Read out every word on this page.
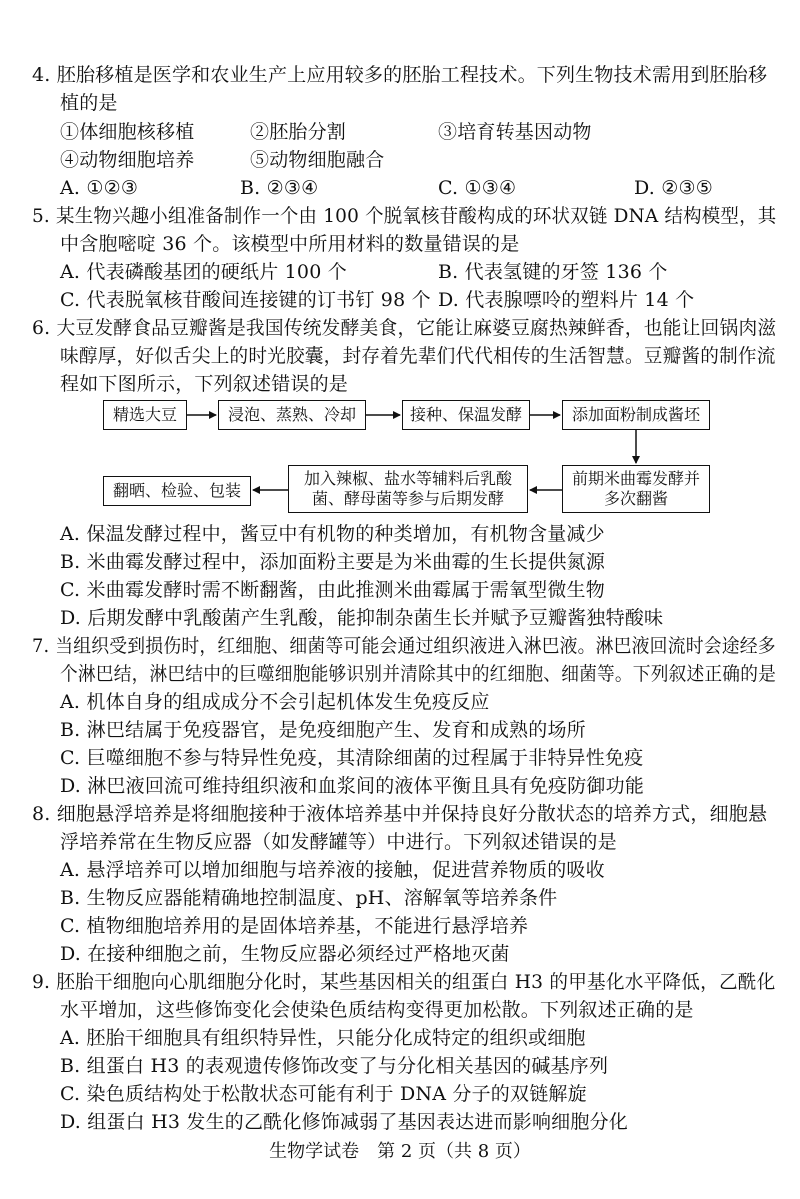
4. 胚胎移植是医学和农业生产上应用较多的胚胎工程技术。下列生物技术需用到胚胎移
植的是
①体细胞核移植	②胚胎分割	③培育转基因动物
④动物细胞培养	⑤动物细胞融合
A. ①②③	B. ②③④	C. ①③④	D. ②③⑤
5. 某生物兴趣小组准备制作一个由 100 个脱氧核苷酸构成的环状双链 DNA 结构模型，其
中含胞嘧啶 36 个。该模型中所用材料的数量错误的是
A. 代表磷酸基团的硬纸片 100 个	B. 代表氢键的牙签 136 个
C. 代表脱氧核苷酸间连接键的订书钉 98 个 D. 代表腺嘌呤的塑料片 14 个
6. 大豆发酵食品豆瓣酱是我国传统发酵美食，它能让麻婆豆腐热辣鲜香，也能让回锅肉滋
味醇厚，好似舌尖上的时光胶囊，封存着先辈们代代相传的生活智慧。豆瓣酱的制作流
程如下图所示，下列叙述错误的是
精选大豆	浸泡、蒸熟、冷却	接种、保温发酵	添加面粉制成酱坯
前期米曲霉发酵并
多次翻酱
加入辣椒、盐水等辅料后乳酸
菌、酵母菌等参与后期发酵
翻晒、检验、包装
A. 保温发酵过程中，酱豆中有机物的种类增加，有机物含量减少
B. 米曲霉发酵过程中，添加面粉主要是为米曲霉的生长提供氮源
C. 米曲霉发酵时需不断翻酱，由此推测米曲霉属于需氧型微生物
D. 后期发酵中乳酸菌产生乳酸，能抑制杂菌生长并赋予豆瓣酱独特酸味
7. 当组织受到损伤时，红细胞、细菌等可能会通过组织液进入淋巴液。淋巴液回流时会途经多
个淋巴结，淋巴结中的巨噬细胞能够识别并清除其中的红细胞、细菌等。下列叙述正确的是
A. 机体自身的组成成分不会引起机体发生免疫反应
B. 淋巴结属于免疫器官，是免疫细胞产生、发育和成熟的场所
C. 巨噬细胞不参与特异性免疫，其清除细菌的过程属于非特异性免疫
D. 淋巴液回流可维持组织液和血浆间的液体平衡且具有免疫防御功能
8. 细胞悬浮培养是将细胞接种于液体培养基中并保持良好分散状态的培养方式，细胞悬
浮培养常在生物反应器（如发酵罐等）中进行。下列叙述错误的是
A. 悬浮培养可以增加细胞与培养液的接触，促进营养物质的吸收
B. 生物反应器能精确地控制温度、pH、溶解氧等培养条件
C. 植物细胞培养用的是固体培养基，不能进行悬浮培养
D. 在接种细胞之前，生物反应器必须经过严格地灭菌
9. 胚胎干细胞向心肌细胞分化时，某些基因相关的组蛋白 H3 的甲基化水平降低，乙酰化
水平增加，这些修饰变化会使染色质结构变得更加松散。下列叙述正确的是
A. 胚胎干细胞具有组织特异性，只能分化成特定的组织或细胞
B. 组蛋白 H3 的表观遗传修饰改变了与分化相关基因的碱基序列
C. 染色质结构处于松散状态可能有利于 DNA 分子的双链解旋
D. 组蛋白 H3 发生的乙酰化修饰减弱了基因表达进而影响细胞分化
生物学试卷　第 2 页（共 8 页）
